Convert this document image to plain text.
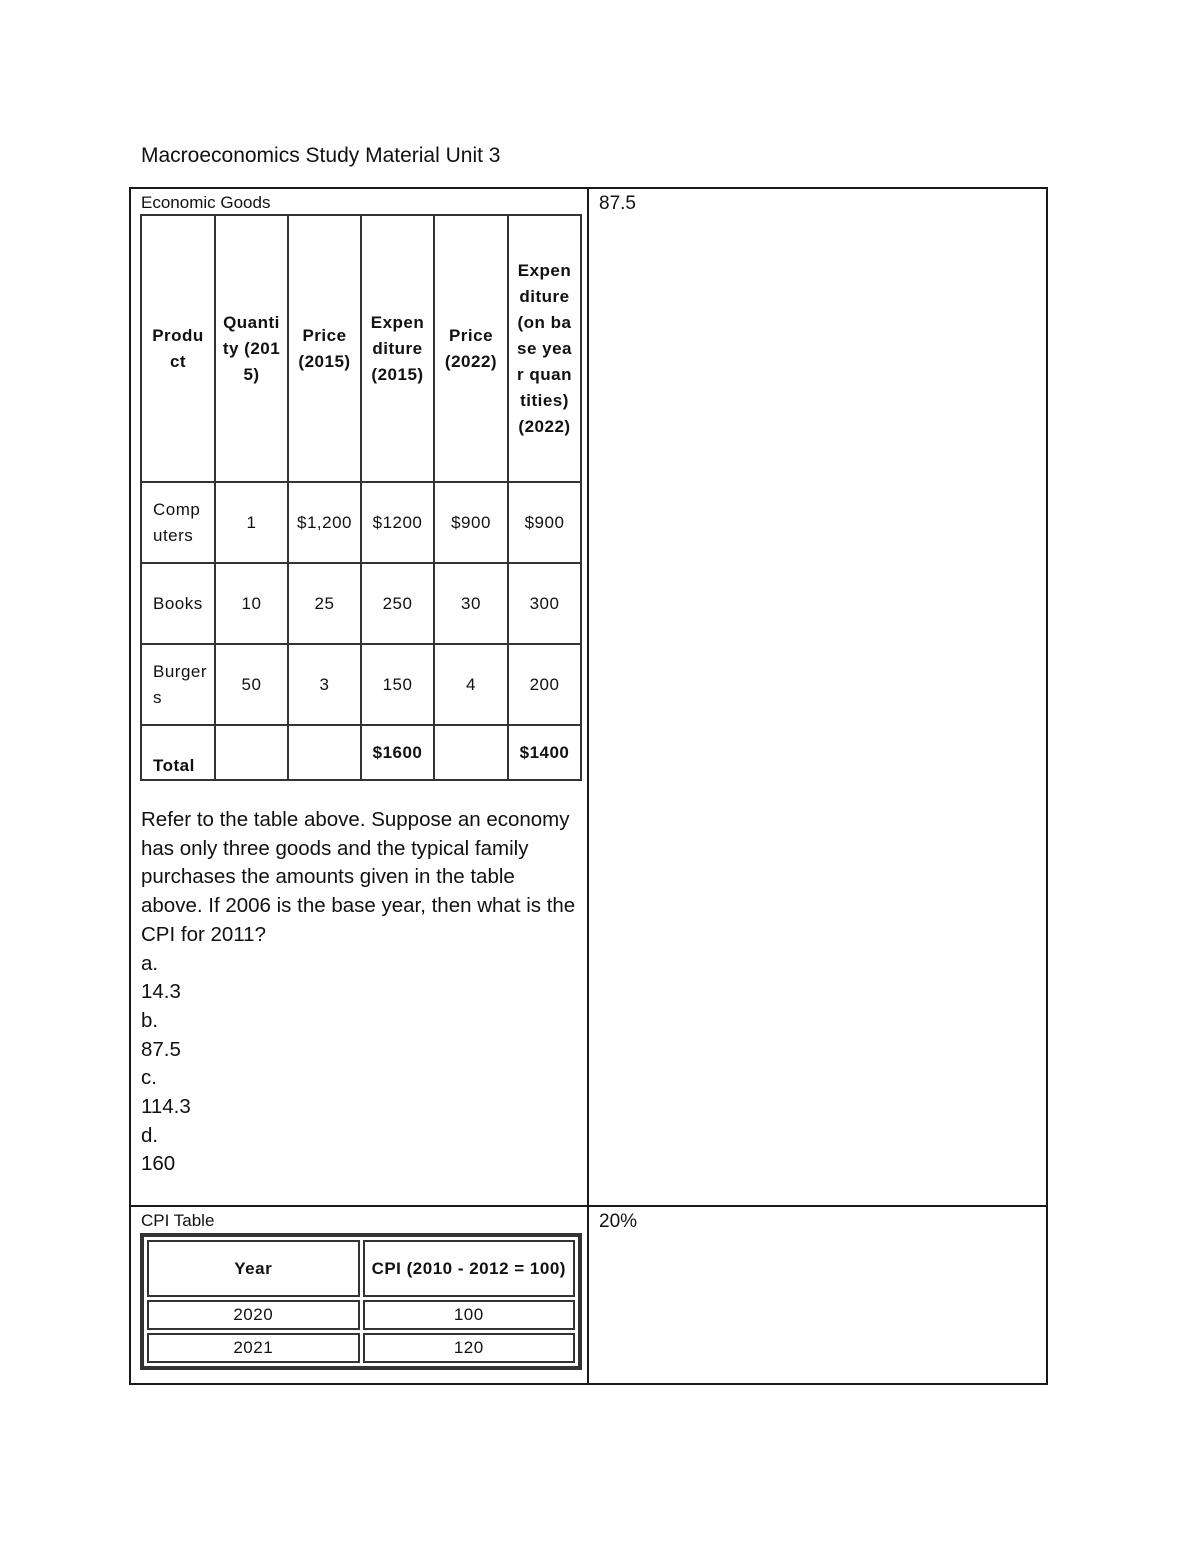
Macroeconomics Study Material Unit 3
Economic Goods	87.5
Product	Quantity (2015)	Price (2015)	Expenditure (2015)	Price (2022)	Expenditure (on base year quantities) (2022)
Computers	1	$1,200	$1200	$900	$900
Books	10	25	250	30	300
Burgers	50	3	150	4	200
Total			$1600		$1400

Refer to the table above. Suppose an economy has only three goods and the typical family purchases the amounts given in the table above. If 2006 is the base year, then what is the CPI for 2011?

a.

14.3

b.

87.5

c.

114.3

d.

160

CPI Table	20%
Year	CPI (2010 - 2012 = 100)
2020	100
2021	120
